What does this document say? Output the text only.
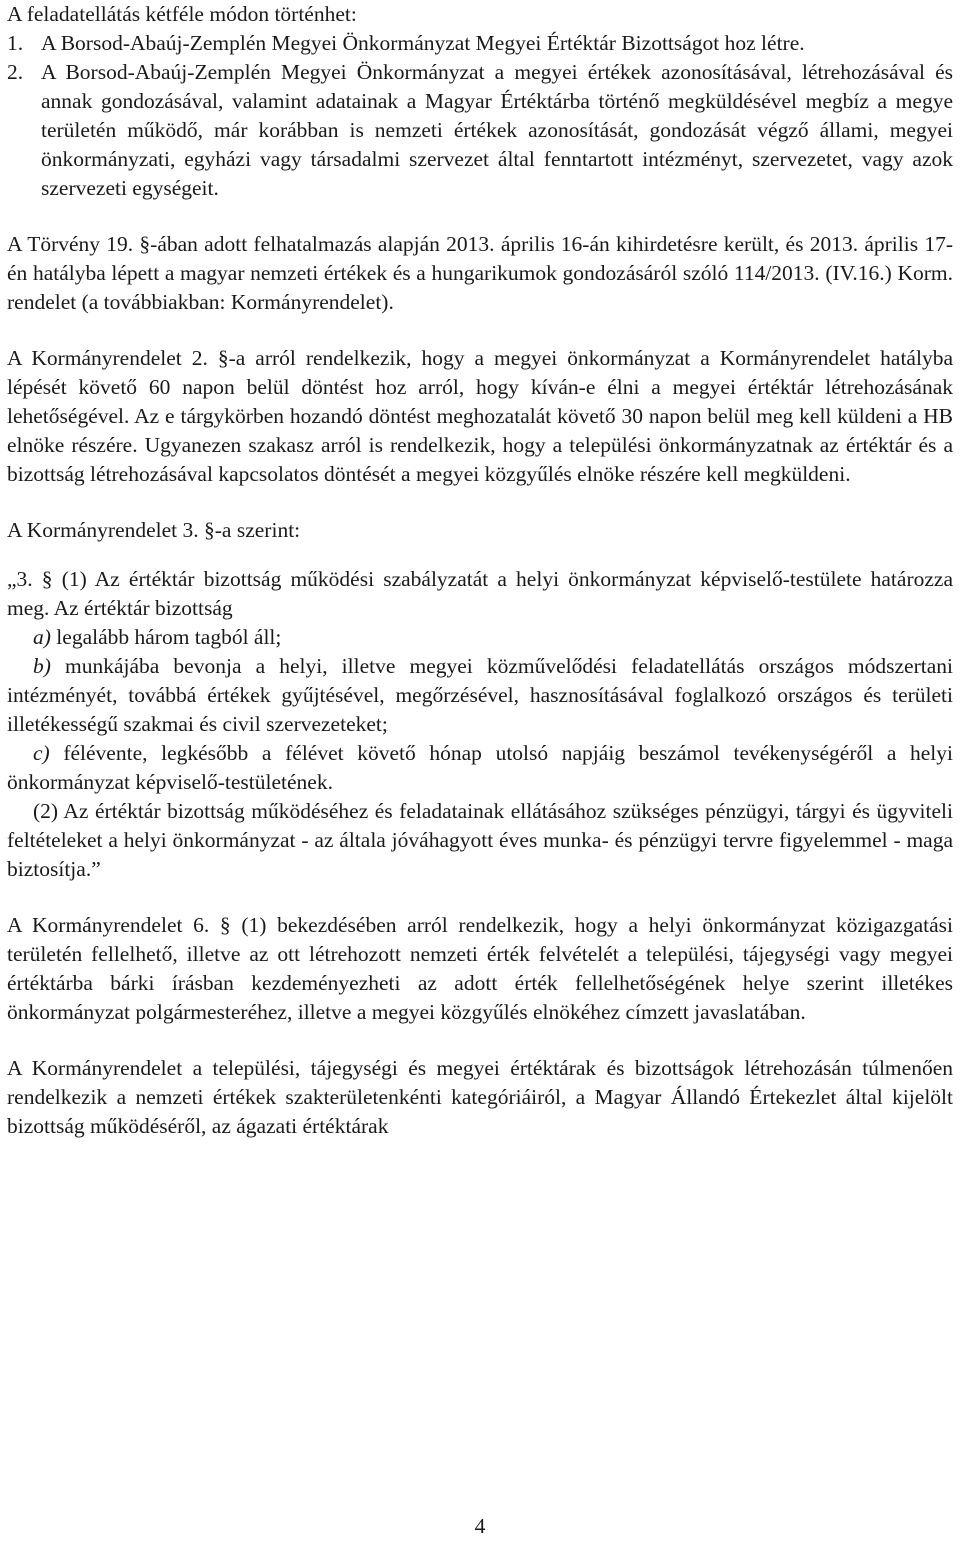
A feladatellátás kétféle módon történhet:

1. A Borsod-Abaúj-Zemplén Megyei Önkormányzat Megyei Értéktár Bizottságot hoz létre.
2. A Borsod-Abaúj-Zemplén Megyei Önkormányzat a megyei értékek azonosításával, létrehozásával és annak gondozásával, valamint adatainak a Magyar Értéktárba történő megküldésével megbíz a megye területén működő, már korábban is nemzeti értékek azonosítását, gondozását végző állami, megyei önkormányzati, egyházi vagy társadalmi szervezet által fenntartott intézményt, szervezetet, vagy azok szervezeti egységeit.

A Törvény 19. §-ában adott felhatalmazás alapján 2013. április 16-án kihirdetésre került, és 2013. április 17-én hatályba lépett a magyar nemzeti értékek és a hungarikumok gondozásáról szóló 114/2013. (IV.16.) Korm. rendelet (a továbbiakban: Kormányrendelet).

A Kormányrendelet 2. §-a arról rendelkezik, hogy a megyei önkormányzat a Kormányrendelet hatályba lépését követő 60 napon belül döntést hoz arról, hogy kíván-e élni a megyei értéktár létrehozásának lehetőségével. Az e tárgykörben hozandó döntést meghozatalát követő 30 napon belül meg kell küldeni a HB elnöke részére. Ugyanezen szakasz arról is rendelkezik, hogy a települési önkormányzatnak az értéktár és a bizottság létrehozásával kapcsolatos döntését a megyei közgyűlés elnöke részére kell megküldeni.

A Kormányrendelet 3. §-a szerint:

„3. § (1) Az értéktár bizottság működési szabályzatát a helyi önkormányzat képviselő-testülete határozza meg. Az értéktár bizottság

a) legalább három tagból áll;

b) munkájába bevonja a helyi, illetve megyei közművelődési feladatellátás országos módszertani intézményét, továbbá értékek gyűjtésével, megőrzésével, hasznosításával foglalkozó országos és területi illetékességű szakmai és civil szervezeteket;

c) félévente, legkésőbb a félévet követő hónap utolsó napjáig beszámol tevékenységéről a helyi önkormányzat képviselő-testületének.

(2) Az értéktár bizottság működéséhez és feladatainak ellátásához szükséges pénzügyi, tárgyi és ügyviteli feltételeket a helyi önkormányzat - az általa jóváhagyott éves munka- és pénzügyi tervre figyelemmel - maga biztosítja.”

A Kormányrendelet 6. § (1) bekezdésében arról rendelkezik, hogy a helyi önkormányzat közigazgatási területén fellelhető, illetve az ott létrehozott nemzeti érték felvételét a települési, tájegységi vagy megyei értéktárba bárki írásban kezdeményezheti az adott érték fellelhetőségének helye szerint illetékes önkormányzat polgármesteréhez, illetve a megyei közgyűlés elnökéhez címzett javaslatában.

A Kormányrendelet a települési, tájegységi és megyei értéktárak és bizottságok létrehozásán túlmenően rendelkezik a nemzeti értékek szakterületenkénti kategóriáiról, a Magyar Állandó Értekezlet által kijelölt bizottság működéséről, az ágazati értéktárak

4
